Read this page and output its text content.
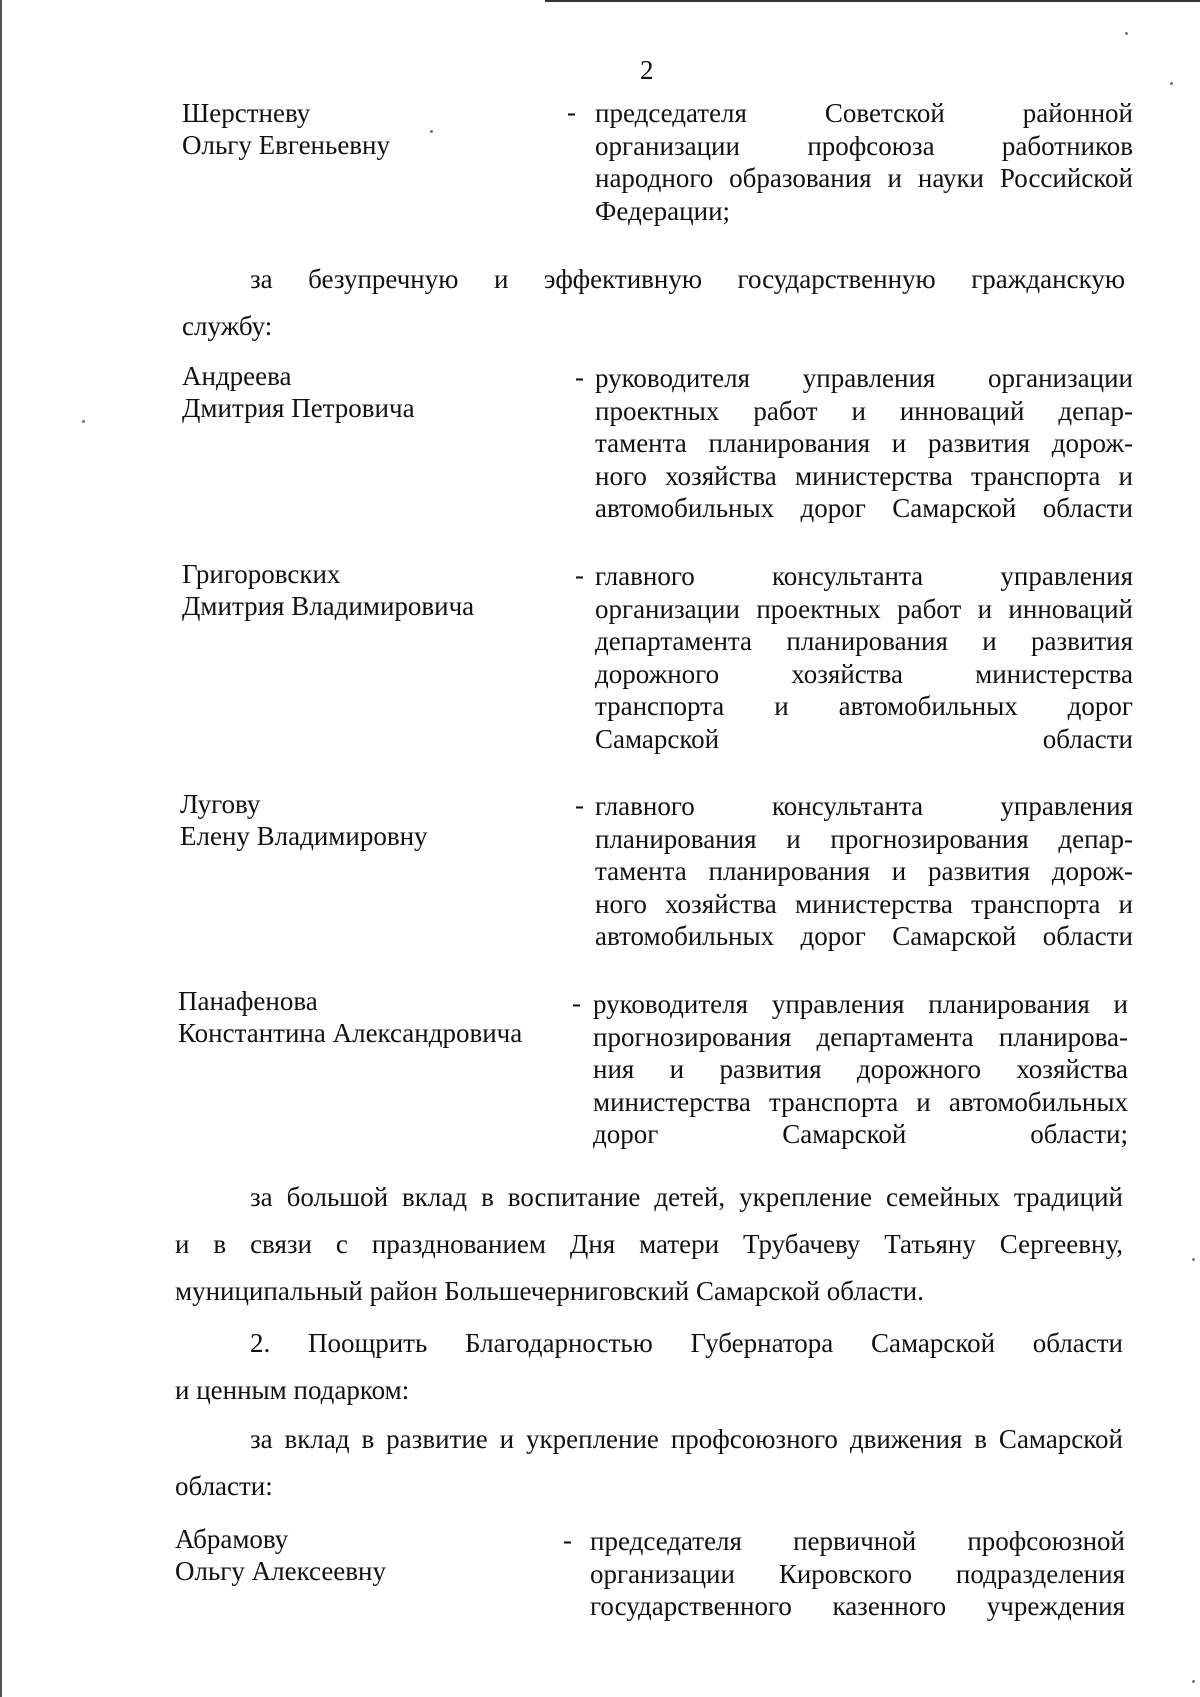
2
Шерстневу
Ольгу Евгеньевну
- председателя Советской районной
организации профсоюза работников
народного образования и науки Российской
Федерации;
за безупречную и эффективную государственную гражданскую
службу:
Андреева
Дмитрия Петровича
- руководителя управления организации
проектных работ и инноваций депар-
тамента планирования и развития дорож-
ного хозяйства министерства транспорта и
автомобильных дорог Самарской области
Григоровских
Дмитрия Владимировича
- главного консультанта управления
организации проектных работ и инноваций
департамента планирования и развития
дорожного хозяйства министерства
транспорта и автомобильных дорог
Самарской области
Лугову
Елену Владимировну
- главного консультанта управления
планирования и прогнозирования депар-
тамента планирования и развития дорож-
ного хозяйства министерства транспорта и
автомобильных дорог Самарской области
Панафенова
Константина Александровича
- руководителя управления планирования и
прогнозирования департамента планирова-
ния и развития дорожного хозяйства
министерства транспорта и автомобильных
дорог Самарской области;
за большой вклад в воспитание детей, укрепление семейных традиций
и в связи с празднованием Дня матери Трубачеву Татьяну Сергеевну,
муниципальный район Большечерниговский Самарской области.
2. Поощрить Благодарностью Губернатора Самарской области
и ценным подарком:
за вклад в развитие и укрепление профсоюзного движения в Самарской
области:
Абрамову
Ольгу Алексеевну
- председателя первичной профсоюзной
организации Кировского подразделения
государственного казенного учреждения
